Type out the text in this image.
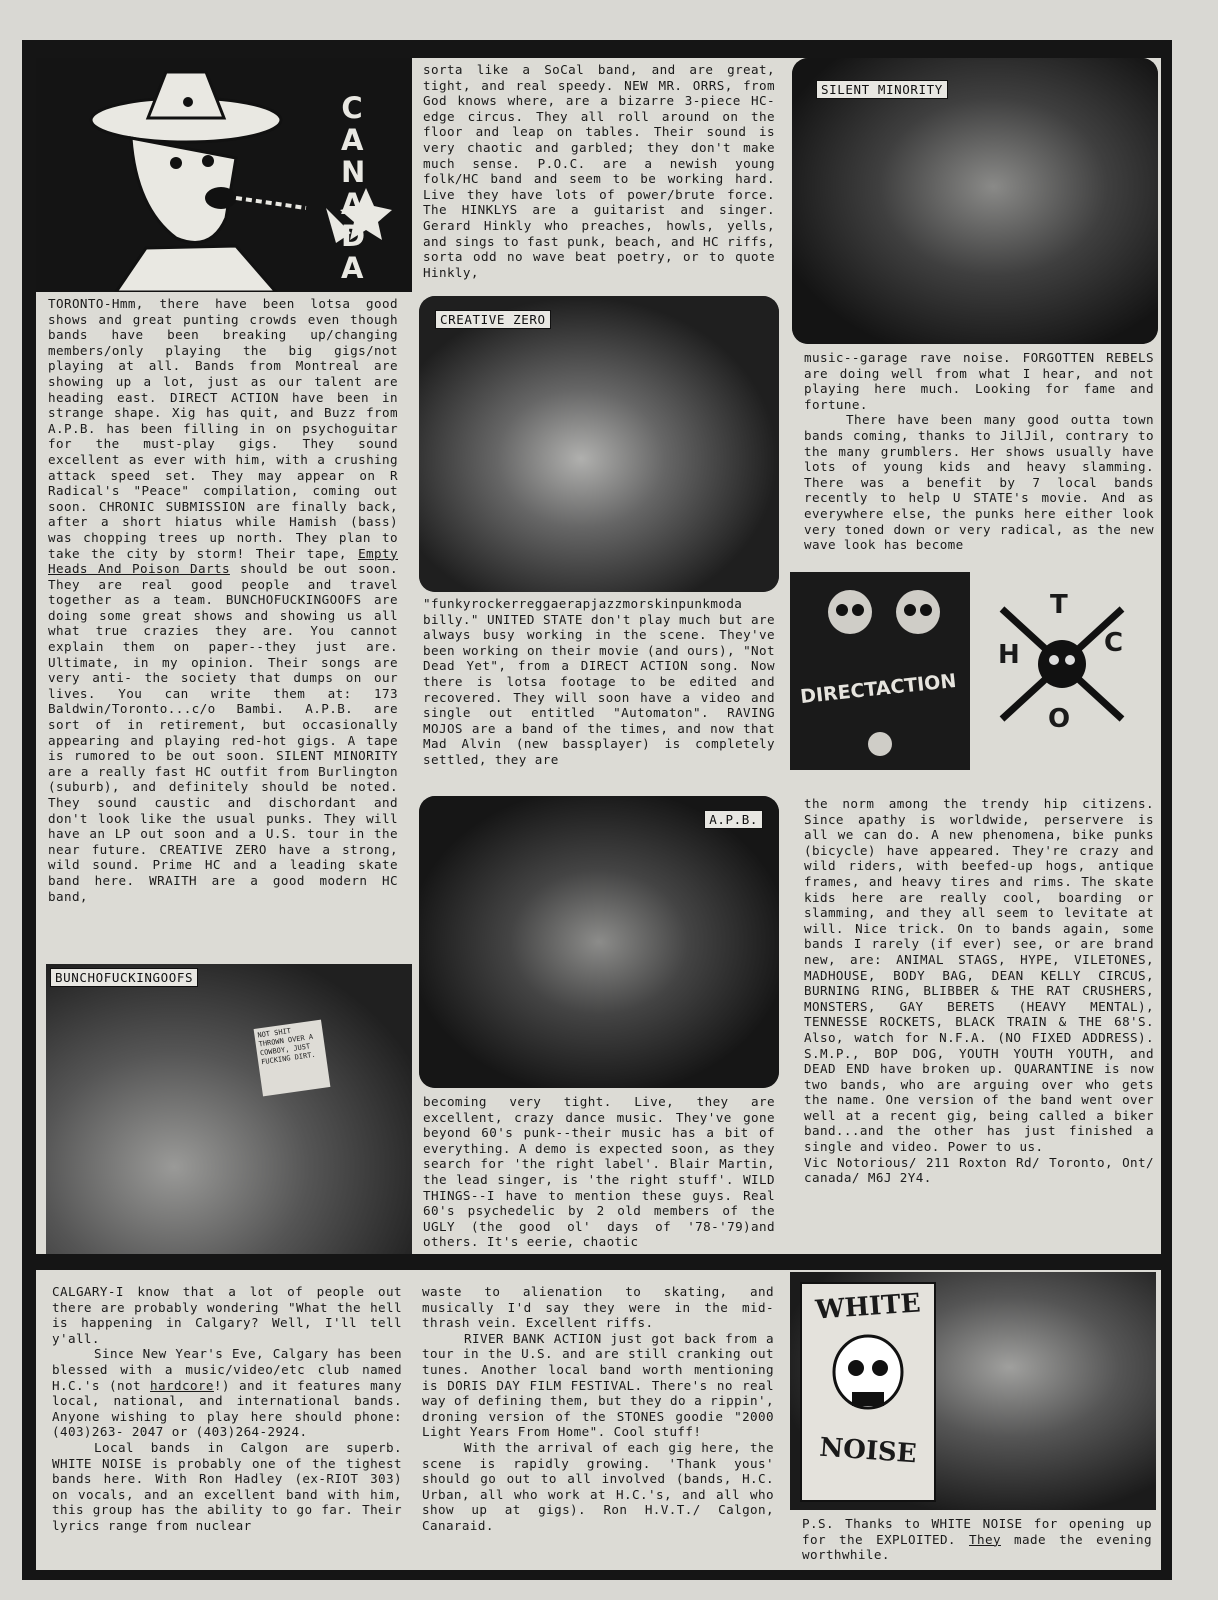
CANADA
TORONTO-Hmm, there have been lotsa good shows and great punting crowds even though bands have been breaking up/changing members/only playing the big gigs/not playing at all. Bands from Montreal are showing up a lot, just as our talent are heading east. DIRECT ACTION have been in strange shape. Xig has quit, and Buzz from A.P.B. has been filling in on psychoguitar for the must-play gigs. They sound excellent as ever with him, with a crushing attack speed set. They may appear on R Radical's "Peace" compilation, coming out soon. CHRONIC SUBMISSION are finally back, after a short hiatus while Hamish (bass) was chopping trees up north. They plan to take the city by storm! Their tape, Empty Heads And Poison Darts should be out soon. They are real good people and travel together as a team. BUNCHOFUCKINGOOFS are doing some great shows and showing us all what true crazies they are. You cannot explain them on paper--they just are. Ultimate, in my opinion. Their songs are very anti- the society that dumps on our lives. You can write them at: 173 Baldwin/Toronto...c/o Bambi. A.P.B. are sort of in retirement, but occasionally appearing and playing red-hot gigs. A tape is rumored to be out soon. SILENT MINORITY are a really fast HC outfit from Burlington (suburb), and definitely should be noted. They sound caustic and dischordant and don't look like the usual punks. They will have an LP out soon and a U.S. tour in the near future. CREATIVE ZERO have a strong, wild sound. Prime HC and a leading skate band here. WRAITH are a good modern HC band,
NOT SHIT THROWN OVER A COWBOY, JUST FUCKING DIRT.
BUNCHOFUCKINGOOFS
sorta like a SoCal band, and are great, tight, and real speedy. NEW MR. ORRS, from God knows where, are a bizarre 3-piece HC-edge circus. They all roll around on the floor and leap on tables. Their sound is very chaotic and garbled; they don't make much sense. P.O.C. are a newish young folk/HC band and seem to be working hard. Live they have lots of power/brute force. The HINKLYS are a guitarist and singer. Gerard Hinkly who preaches, howls, yells, and sings to fast punk, beach, and HC riffs, sorta odd no wave beat poetry, or to quote Hinkly,
CREATIVE ZERO
"funkyrockerreggaerapjazzmorskinpunkmoda billy." UNITED STATE don't play much but are always busy working in the scene. They've been working on their movie (and ours), "Not Dead Yet", from a DIRECT ACTION song. Now there is lotsa footage to be edited and recovered. They will soon have a video and single out entitled "Automaton". RAVING MOJOS are a band of the times, and now that Mad Alvin (new bassplayer) is completely settled, they are
A.P.B.
becoming very tight. Live, they are excellent, crazy dance music. They've gone beyond 60's punk--their music has a bit of everything. A demo is expected soon, as they search for 'the right label'. Blair Martin, the lead singer, is 'the right stuff'. WILD THINGS--I have to mention these guys. Real 60's psychedelic by 2 old members of the UGLY (the good ol' days of '78-'79)and others. It's eerie, chaotic
SILENT MINORITY

music--garage rave noise. FORGOTTEN REBELS are doing well from what I hear, and not playing here much. Looking for fame and fortune.

There have been many good outta town bands coming, thanks to JilJil, contrary to the many grumblers. Her shows usually have lots of young kids and heavy slamming. There was a benefit by 7 local bands recently to help U STATE's movie. And as everywhere else, the punks here either look very toned down or very radical, as the new wave look has become

DIRECTACTION
T
H	C
O

the norm among the trendy hip citizens. Since apathy is worldwide, perservere is all we can do. A new phenomena, bike punks (bicycle) have appeared. They're crazy and wild riders, with beefed-up hogs, antique frames, and heavy tires and rims. The skate kids here are really cool, boarding or slamming, and they all seem to levitate at will. Nice trick. On to bands again, some bands I rarely (if ever) see, or are brand new, are: ANIMAL STAGS, HYPE, VILETONES, MADHOUSE, BODY BAG, DEAN KELLY CIRCUS, BURNING RING, BLIBBER & THE RAT CRUSHERS, MONSTERS, GAY BERETS (HEAVY MENTAL), TENNESSE ROCKETS, BLACK TRAIN & THE 68'S. Also, watch for N.F.A. (NO FIXED ADDRESS). S.M.P., BOP DOG, YOUTH YOUTH YOUTH, and DEAD END have broken up. QUARANTINE is now two bands, who are arguing over who gets the name. One version of the band went over well at a recent gig, being called a biker band...and the other has just finished a single and video. Power to us.

Vic Notorious/ 211 Roxton Rd/ Toronto, Ont/ canada/ M6J 2Y4.

CALGARY-I know that a lot of people out there are probably wondering "What the hell is happening in Calgary? Well, I'll tell y'all.

Since New Year's Eve, Calgary has been blessed with a music/video/etc club named H.C.'s (not hardcore!) and it features many local, national, and international bands. Anyone wishing to play here should phone: (403)263- 2047 or (403)264-2924.

Local bands in Calgon are superb. WHITE NOISE is probably one of the tighest bands here. With Ron Hadley (ex-RIOT 303) on vocals, and an excellent band with him, this group has the ability to go far. Their lyrics range from nuclear

waste to alienation to skating, and musically I'd say they were in the mid-thrash vein. Excellent riffs.

RIVER BANK ACTION just got back from a tour in the U.S. and are still cranking out tunes. Another local band worth mentioning is DORIS DAY FILM FESTIVAL. There's no real way of defining them, but they do a rippin', droning version of the STONES goodie "2000 Light Years From Home". Cool stuff!

With the arrival of each gig here, the scene is rapidly growing. 'Thank yous' should go out to all involved (bands, H.C. Urban, all who work at H.C.'s, and all who show up at gigs). Ron H.V.T./ Calgon, Canaraid.

WHITE
NOISE
P.S. Thanks to WHITE NOISE for opening up for the EXPLOITED. They made the evening worthwhile.
